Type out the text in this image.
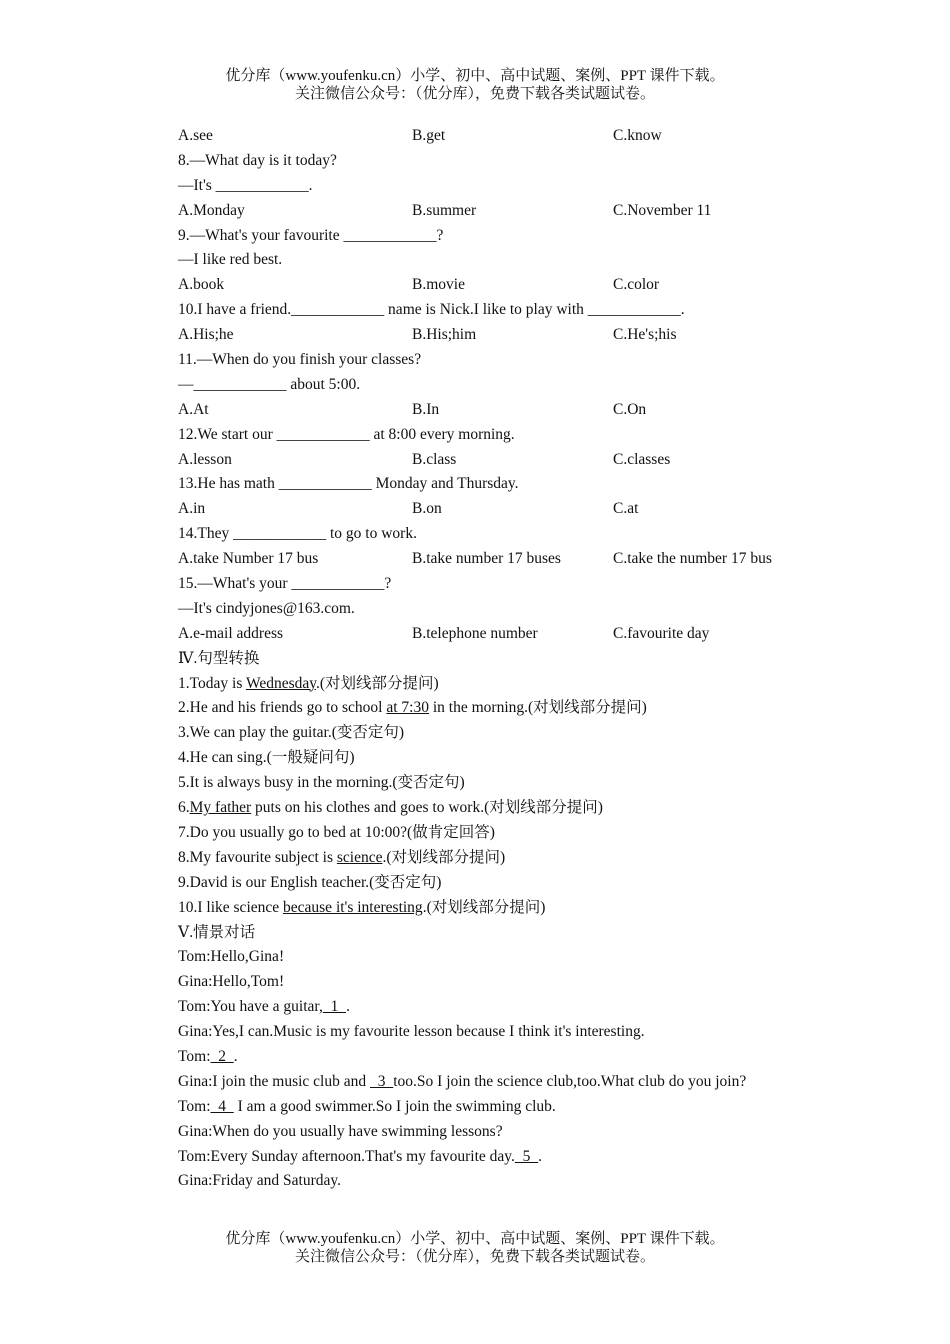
优分库（www.youfenku.cn）小学、初中、高中试题、案例、PPT 课件下载。
关注微信公众号：（优分库），免费下载各类试题试卷。
A.see	B.get	C.know
8.—What day is it today?
—It's ____________.
A.Monday	B.summer	C.November 11
9.—What's your favourite ____________?
—I like red best.
A.book	B.movie	C.color
10.I have a friend.____________ name is Nick.I like to play with ____________.
A.His;he	B.His;him	C.He's;his
11.—When do you finish your classes?
—____________ about 5:00.
A.At	B.In	C.On
12.We start our ____________ at 8:00 every morning.
A.lesson	B.class	C.classes
13.He has math ____________ Monday and Thursday.
A.in	B.on	C.at
14.They ____________ to go to work.
A.take Number 17 bus	B.take number 17 buses	C.take the number 17 bus
15.—What's your ____________?
—It's cindyjones@163.com.
A.e-mail address	B.telephone number	C.favourite day
Ⅳ.句型转换
1.Today is Wednesday.(对划线部分提问)
2.He and his friends go to school at 7:30 in the morning.(对划线部分提问)
3.We can play the guitar.(变否定句)
4.He can sing.(一般疑问句)
5.It is always busy in the morning.(变否定句)
6.My father puts on his clothes and goes to work.(对划线部分提问)
7.Do you usually go to bed at 10:00?(做肯定回答)
8.My favourite subject is science.(对划线部分提问)
9.David is our English teacher.(变否定句)
10.I like science because it's interesting.(对划线部分提问)
Ⅴ.情景对话
Tom:Hello,Gina!
Gina:Hello,Tom!
Tom:You have a guitar,  1  .
Gina:Yes,I can.Music is my favourite lesson because I think it's interesting.
Tom:  2  .
Gina:I join the music club and   3  too.So I join the science club,too.What club do you join?
Tom:  4   I am a good swimmer.So I join the swimming club.
Gina:When do you usually have swimming lessons?
Tom:Every Sunday afternoon.That's my favourite day.  5  .
Gina:Friday and Saturday.
优分库（www.youfenku.cn）小学、初中、高中试题、案例、PPT 课件下载。
关注微信公众号：（优分库），免费下载各类试题试卷。
